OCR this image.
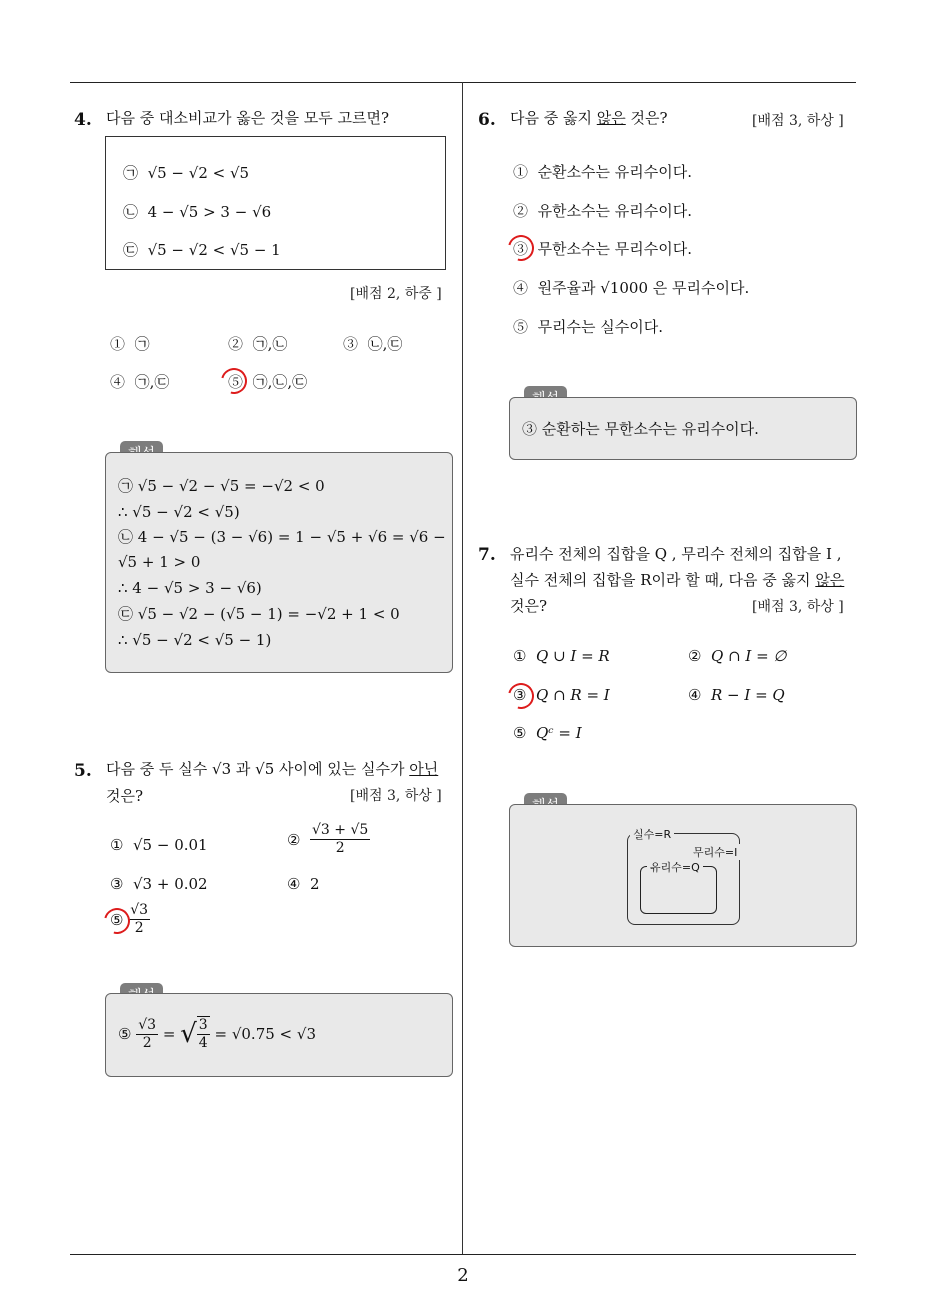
2
4. 다음 중 대소비교가 옳은 것을 모두 고르면?
㉠ √5 − √2 < √5
㉡ 4 − √5 > 3 − √6
㉢ √5 − √2 < √5 − 1
[배점 2, 하중 ]
① ㉠	② ㉠,㉡	③ ㉡,㉢
④ ㉠,㉢	⑤ ㉠,㉡,㉢
㉠ √5 − √2 − √5 = −√2 < 0
∴ √5 − √2 < √5)
㉡ 4 − √5 − (3 − √6) = 1 − √5 + √6 = √6 −
√5 + 1 > 0
∴ 4 − √5 > 3 − √6)
㉢ √5 − √2 − (√5 − 1) = −√2 + 1 < 0
∴ √5 − √2 < √5 − 1)
5. 다음 중 두 실수 √3 과 √5 사이에 있는 실수가 아닌
것은?	[배점 3, 하상 ]
① √5 − 0.01	②
$\frac{√3 + √5}{2}$
③ √3 + 0.02	④ 2
⑤
$\frac{√3}{2}$
⑤
$\frac{√3}{2}$
=
√ $\frac{3}{4}$
= √0.75 < √3
6. 다음 중 옳지 않은 것은?	[배점 3, 하상 ]
① 순환소수는 유리수이다.
② 유한소수는 유리수이다.
③ 무한소수는 무리수이다.
④ 원주율과 √1000 은 무리수이다.
⑤ 무리수는 실수이다.
③ 순환하는 무한소수는 유리수이다.
7. 유리수 전체의 집합을 Q , 무리수 전체의 집합을 I ,
실수 전체의 집합을 R이라 할 때, 다음 중 옳지 않은
것은?	[배점 3, 하상 ]
① Q ∪ I = R	② Q ∩ I = ∅
③ Q ∩ R = I	④ R − I = Q
⑤ Qᶜ = I
실수=R
무리수=I
유리수=Q
